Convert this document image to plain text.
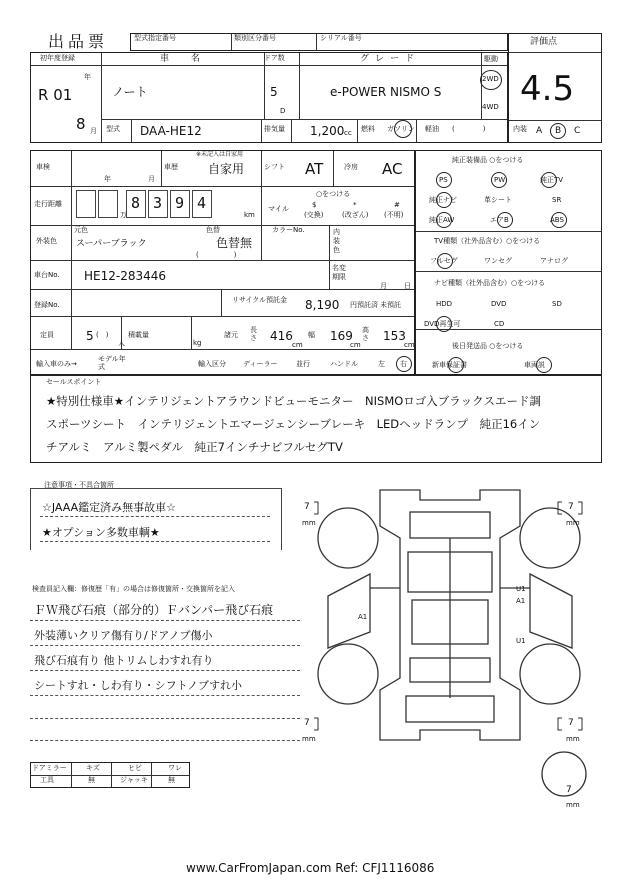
出品票	型式指定番号	類別区分番号	シリアル番号	評価点
4.5
内装 A B C
初年度登録
年
R 01
8 月
車名
ノート
ドア数
5
D
グレード
e-POWER NISMO S
駆動
2WD
4WD
型式 DAA-HE12	排気量 1,200 cc 燃料 ガソリン 軽油 (　　　　)
車検
年	月
車歴
※未記入は自家用
自家用	シフト AT	冷房 AC
走行距離	8 3 9 4
万	km
○をつける
マイル	$
(交換)
*
(改ざん)
#
(不明)
外装色
元色
スーパーブラック
色替
色替無
(　　　　　)
カラーNo.	内装色
車台No. HE12-283446
名変期限
月 日
登録No.
リサイクル預託金 8,190 円預託済 未預託
定員	5 (　)
人
積載量
kg
諸元
長さ 416
cm
幅 169
cm
高さ 153
cm
輸入車のみ→
モデル年式	輸入区分 ディーラー	並行	ハンドル	左 右
純正装備品 ○をつける
PS	PW	純正TV
純正ナビ	革シート	SR
純正AW	エアB	ABS
TV種類（社外品含む）○をつける
フルセグ	ワンセグ	アナログ
ナビ種類（社外品含む）○をつける
HDD	DVD	SD
DVD再生可	CD
後日発送品 ○をつける
新車保証書	車両説
セールスポイント
★特別仕様車★インテリジェントアラウンドビューモニター　NISMOロゴ入ブラックスエード調
スポーツシート　インテリジェントエマージェンシーブレーキ　LEDヘッドランプ　純正16イン
チアルミ　アルミ製ペダル　純正7インチナビフルセグTV
注意事項・不具合箇所
☆JAAA鑑定済み無事故車☆
★オプション多数車輌★
検査員記入欄：修復歴「有」の場合は修復箇所・交換箇所を記入
ＦＷ飛び石痕（部分的）Ｆバンパー飛び石痕
外装薄いクリア傷有り/ドアノブ傷小
飛び石痕有り 他トリムしわすれ有り
シートすれ・しわ有り・シフトノブすれ小
7
mm
7
mm
7
mm
7
mm
7
mm
A1
U1
A1
U1
ドアミラー	キズ	ヒビ	ワレ
工具	無	ジャッキ	無
www.CarFromJapan.com Ref: CFJ1116086
